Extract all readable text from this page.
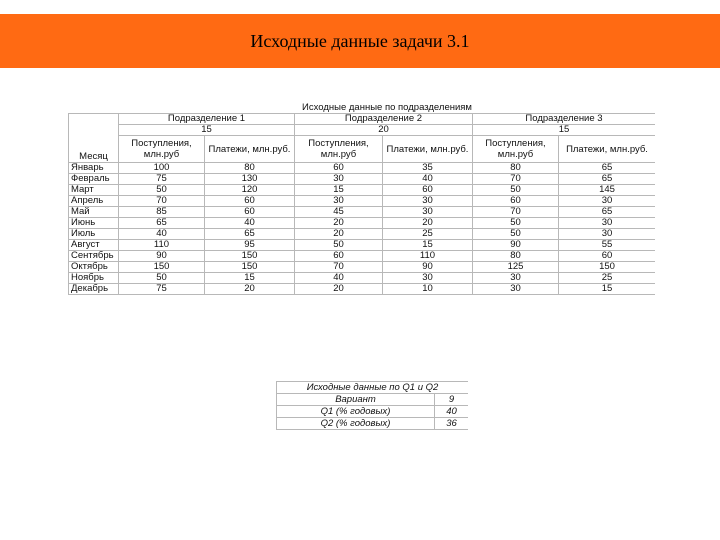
Исходные данные задачи 3.1
	Исходные данные по подразделениям					
Месяц	Подразделение 1		Подразделение 2		Подразделение 3	
	15		20		15	
	Поступления, млн.руб	Платежи, млн.руб.	Поступления, млн.руб	Платежи, млн.руб.	Поступления, млн.руб	Платежи, млн.руб.
Январь	100	80	60	35	80	65
Февраль	75	130	30	40	70	65
Март	50	120	15	60	50	145
Апрель	70	60	30	30	60	30
Май	85	60	45	30	70	65
Июнь	65	40	20	20	50	30
Июль	40	65	20	25	50	30
Август	110	95	50	15	90	55
Сентябрь	90	150	60	110	80	60
Октябрь	150	150	70	90	125	150
Ноябрь	50	15	40	30	30	25
Декабрь	75	20	20	10	30	15
Исходные данные по Q1 и Q2	
Вариант	9
Q1 (% годовых)	40
Q2 (% годовых)	36
